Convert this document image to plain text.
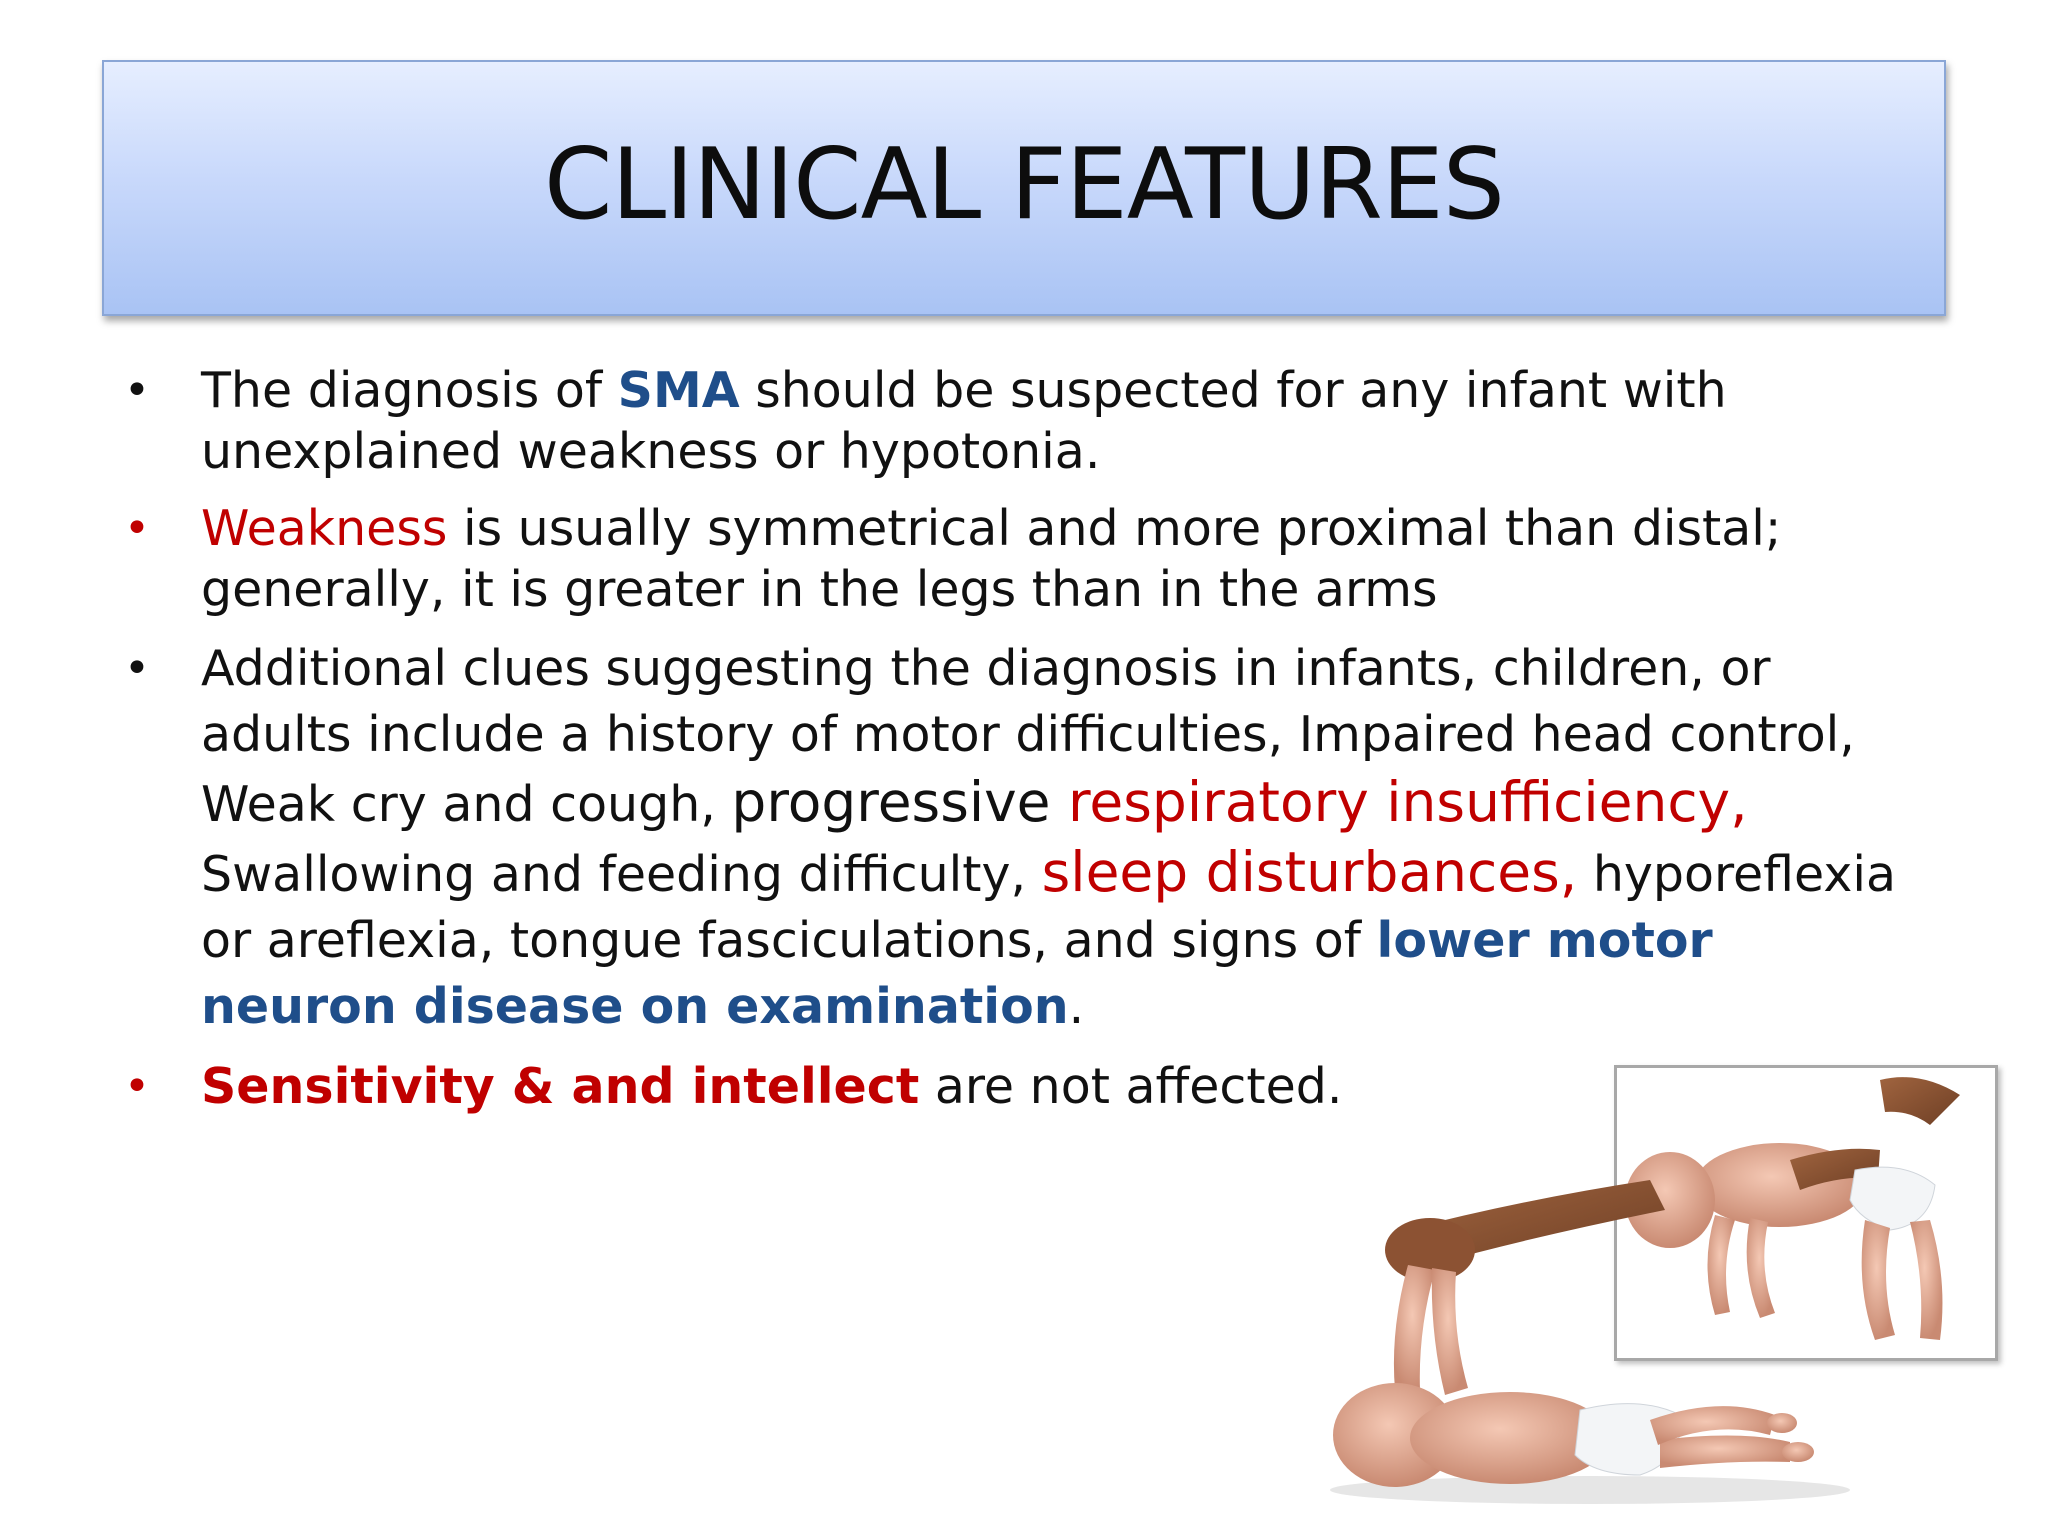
CLINICAL FEATURES
• The diagnosis of SMA should be suspected for any infant with unexplained weakness or hypotonia.
• Weakness is usually symmetrical and more proximal than distal; generally, it is greater in the legs than in the arms
• Additional clues suggesting the diagnosis in infants, children, or adults include a history of motor difficulties, Impaired head control, Weak cry and cough, progressive respiratory insufficiency, Swallowing and feeding difficulty, sleep disturbances, hyporeflexia or areflexia, tongue fasciculations, and signs of lower motor neuron disease on examination.
• Sensitivity & and intellect are not affected.
